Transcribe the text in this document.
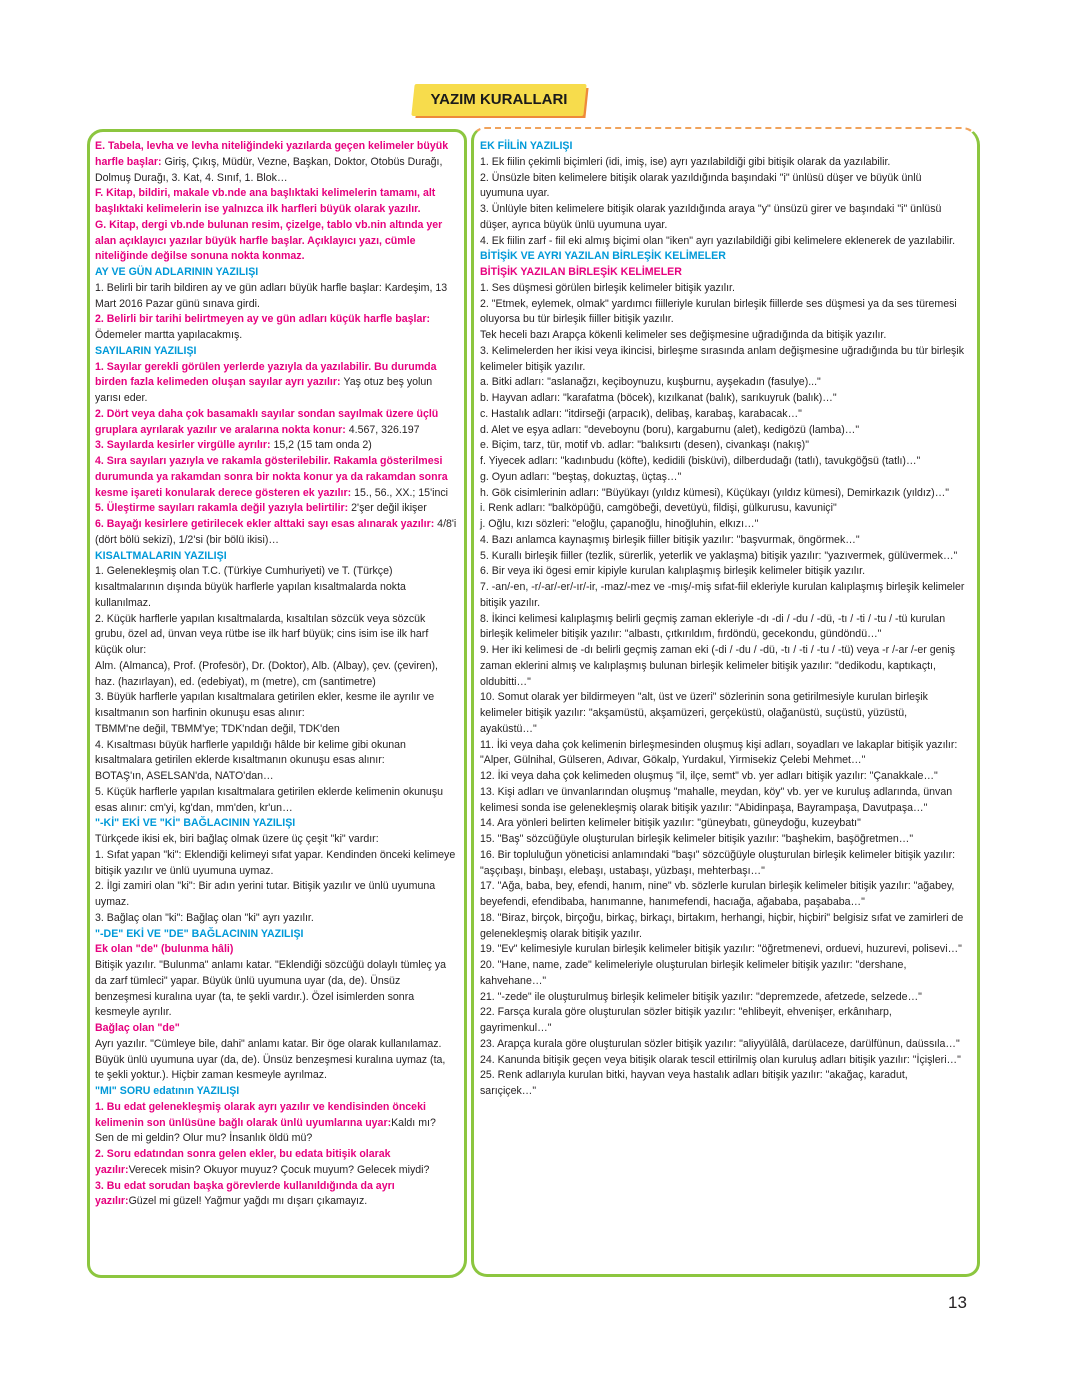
YAZIM KURALLARI

E. Tabela, levha ve levha niteliğindeki yazılarda geçen kelimeler büyük harfle başlar: Giriş, Çıkış, Müdür, Vezne, Başkan, Doktor, Otobüs Durağı, Dolmuş Durağı, 3. Kat, 4. Sınıf, 1. Blok…

F. Kitap, bildiri, makale vb.nde ana başlıktaki kelimelerin tamamı, alt başlıktaki kelimelerin ise yalnızca ilk harfleri büyük olarak yazılır.

G. Kitap, dergi vb.nde bulunan resim, çizelge, tablo vb.nin altında yer alan açıklayıcı yazılar büyük harfle başlar. Açıklayıcı yazı, cümle niteliğinde değilse sonuna nokta konmaz.

AY VE GÜN ADLARININ YAZILIŞI

1. Belirli bir tarih bildiren ay ve gün adları büyük harfle başlar: Kardeşim, 13 Mart 2016 Pazar günü sınava girdi.

2. Belirli bir tarihi belirtmeyen ay ve gün adları küçük harfle başlar: Ödemeler martta yapılacakmış.

SAYILARIN YAZILIŞI

1. Sayılar gerekli görülen yerlerde yazıyla da yazılabilir. Bu durumda birden fazla kelimeden oluşan sayılar ayrı yazılır: Yaş otuz beş yolun yarısı eder.

2. Dört veya daha çok basamaklı sayılar sondan sayılmak üzere üçlü gruplara ayrılarak yazılır ve aralarına nokta konur: 4.567, 326.197

3. Sayılarda kesirler virgülle ayrılır: 15,2 (15 tam onda 2)

4. Sıra sayıları yazıyla ve rakamla gösterilebilir. Rakamla gösterilmesi durumunda ya rakamdan sonra bir nokta konur ya da rakamdan sonra kesme işareti konularak derece gösteren ek yazılır: 15., 56., XX.; 15'inci

5. Üleştirme sayıları rakamla değil yazıyla belirtilir: 2'şer değil ikişer

6. Bayağı kesirlere getirilecek ekler alttaki sayı esas alınarak yazılır: 4/8'i (dört bölü sekizi), 1/2'si (bir bölü ikisi)…

KISALTMALARIN YAZILIŞI

1. Gelenekleşmiş olan T.C. (Türkiye Cumhuriyeti) ve T. (Türkçe) kısaltmalarının dışında büyük harflerle yapılan kısaltmalarda nokta kullanılmaz.

2. Küçük harflerle yapılan kısaltmalarda, kısaltılan sözcük veya sözcük grubu, özel ad, ünvan veya rütbe ise ilk harf büyük; cins isim ise ilk harf küçük olur:

Alm. (Almanca), Prof. (Profesör), Dr. (Doktor), Alb. (Albay), çev. (çeviren), haz. (hazırlayan), ed. (edebiyat), m (metre), cm (santimetre)

3. Büyük harflerle yapılan kısaltmalara getirilen ekler, kesme ile ayrılır ve kısaltmanın son harfinin okunuşu esas alınır:

TBMM'ne değil, TBMM'ye; TDK'ndan değil, TDK'den

4. Kısaltması büyük harflerle yapıldığı hâlde bir kelime gibi okunan kısaltmalara getirilen eklerde kısaltmanın okunuşu esas alınır:

BOTAŞ'ın, ASELSAN'da, NATO'dan…

5. Küçük harflerle yapılan kısaltmalara getirilen eklerde kelimenin okunuşu esas alınır: cm'yi, kg'dan, mm'den, kr'un…

"-Kİ" EKİ VE "Kİ" BAĞLACININ YAZILIŞI

Türkçede ikisi ek, biri bağlaç olmak üzere üç çeşit "ki" vardır:

1. Sıfat yapan "ki": Eklendiği kelimeyi sıfat yapar. Kendinden önceki kelimeye bitişik yazılır ve ünlü uyumuna uymaz.

2. İlgi zamiri olan "ki": Bir adın yerini tutar. Bitişik yazılır ve ünlü uyumuna uymaz.

3. Bağlaç olan "ki": Bağlaç olan "ki" ayrı yazılır.

"-DE" EKİ VE "DE" BAĞLACININ YAZILIŞI

Ek olan "de" (bulunma hâli)

Bitişik yazılır. "Bulunma" anlamı katar. "Eklendiği sözcüğü dolaylı tümleç ya da zarf tümleci" yapar. Büyük ünlü uyumuna uyar (da, de). Ünsüz benzeşmesi kuralına uyar (ta, te şekli vardır.). Özel isimlerden sonra kesmeyle ayrılır.

Bağlaç olan "de"

Ayrı yazılır. "Cümleye bile, dahi" anlamı katar. Bir öge olarak kullanılamaz. Büyük ünlü uyumuna uyar (da, de). Ünsüz benzeşmesi kuralına uymaz (ta, te şekli yoktur.). Hiçbir zaman kesmeyle ayrılmaz.

"MI" SORU edatının YAZILIŞI

1. Bu edat gelenekleşmiş olarak ayrı yazılır ve kendisinden önceki kelimenin son ünlüsüne bağlı olarak ünlü uyumlarına uyar:Kaldı mı? Sen de mi geldin? Olur mu? İnsanlık öldü mü?

2. Soru edatından sonra gelen ekler, bu edata bitişik olarak yazılır:Verecek misin? Okuyor muyuz? Çocuk muyum? Gelecek miydi?

3. Bu edat sorudan başka görevlerde kullanıldığında da ayrı yazılır:Güzel mi güzel! Yağmur yağdı mı dışarı çıkamayız.

EK FİİLİN YAZILIŞI

1. Ek fiilin çekimli biçimleri (idi, imiş, ise) ayrı yazılabildiği gibi bitişik olarak da yazılabilir.

2. Ünsüzle biten kelimelere bitişik olarak yazıldığında başındaki "i" ünlüsü düşer ve büyük ünlü uyumuna uyar.

3. Ünlüyle biten kelimelere bitişik olarak yazıldığında araya "y" ünsüzü girer ve başındaki "i" ünlüsü düşer, ayrıca büyük ünlü uyumuna uyar.

4. Ek fiilin zarf - fiil eki almış biçimi olan "iken" ayrı yazılabildiği gibi kelimelere eklenerek de yazılabilir.

BİTİŞİK VE AYRI YAZILAN BİRLEŞİK KELİMELER

BİTİŞİK YAZILAN BİRLEŞİK KELİMELER

1. Ses düşmesi görülen birleşik kelimeler bitişik yazılır.

2. "Etmek, eylemek, olmak" yardımcı fiilleriyle kurulan birleşik fiillerde ses düşmesi ya da ses türemesi oluyorsa bu tür birleşik fiiller bitişik yazılır.

Tek heceli bazı Arapça kökenli kelimeler ses değişmesine uğradığında da bitişik yazılır.

3. Kelimelerden her ikisi veya ikincisi, birleşme sırasında anlam değişmesine uğradığında bu tür birleşik kelimeler bitişik yazılır.

a. Bitki adları: "aslanağzı, keçiboynuzu, kuşburnu, ayşekadın (fasulye)..."

b. Hayvan adları: "karafatma (böcek), kızılkanat (balık), sarıkuyruk (balık)…"

c. Hastalık adları: "itdirseği (arpacık), delibaş, karabaş, karabacak…"

d. Alet ve eşya adları: "deveboynu (boru), kargaburnu (alet), kedigözü (lamba)…"

e. Biçim, tarz, tür, motif vb. adlar: "balıksırtı (desen), civankaşı (nakış)"

f. Yiyecek adları: "kadınbudu (köfte), kedidili (bisküvi), dilberdudağı (tatlı), tavukgöğsü (tatlı)…"

g. Oyun adları: "beştaş, dokuztaş, üçtaş…"

h. Gök cisimlerinin adları: "Büyükayı (yıldız kümesi), Küçükayı (yıldız kümesi), Demirkazık (yıldız)…"

i. Renk adları: "balköpüğü, camgöbeği, devetüyü, fildişi, gülkurusu, kavuniçi"

j. Oğlu, kızı sözleri: "eloğlu, çapanoğlu, hinoğluhin, elkızı…"

4. Bazı anlamca kaynaşmış birleşik fiiller bitişik yazılır: "başvurmak, öngörmek…"

5. Kurallı birleşik fiiller (tezlik, sürerlik, yeterlik ve yaklaşma) bitişik yazılır: "yazıvermek, gülüvermek…"

6. Bir veya iki ögesi emir kipiyle kurulan kalıplaşmış birleşik kelimeler bitişik yazılır.

7. -an/-en, -r/-ar/-er/-ır/-ir, -maz/-mez ve -mış/-miş sıfat-fiil ekleriyle kurulan kalıplaşmış birleşik kelimeler bitişik yazılır.

8. İkinci kelimesi kalıplaşmış belirli geçmiş zaman ekleriyle -dı -di / -du / -dü, -tı / -ti / -tu / -tü kurulan birleşik kelimeler bitişik yazılır: "albastı, çıtkırıldım, fırdöndü, gecekondu, gündöndü…"

9. Her iki kelimesi de -dı belirli geçmiş zaman eki (-di / -du / -dü, -tı / -ti / -tu / -tü) veya -r /-ar /-er geniş zaman eklerini almış ve kalıplaşmış bulunan birleşik kelimeler bitişik yazılır: "dedikodu, kaptıkaçtı, oldubitti…"

10. Somut olarak yer bildirmeyen "alt, üst ve üzeri" sözlerinin sona getirilmesiyle kurulan birleşik kelimeler bitişik yazılır: "akşamüstü, akşamüzeri, gerçeküstü, olağanüstü, suçüstü, yüzüstü, ayaküstü…"

11. İki veya daha çok kelimenin birleşmesinden oluşmuş kişi adları, soyadları ve lakaplar bitişik yazılır: "Alper, Gülnihal, Gülseren, Adıvar, Gökalp, Yurdakul, Yirmisekiz Çelebi Mehmet…"

12. İki veya daha çok kelimeden oluşmuş "il, ilçe, semt" vb. yer adları bitişik yazılır: "Çanakkale…"

13. Kişi adları ve ünvanlarından oluşmuş "mahalle, meydan, köy" vb. yer ve kuruluş adlarında, ünvan kelimesi sonda ise gelenekleşmiş olarak bitişik yazılır: "Abidinpaşa, Bayrampaşa, Davutpaşa…"

14. Ara yönleri belirten kelimeler bitişik yazılır: "güneybatı, güneydoğu, kuzeybatı"

15. "Baş" sözcüğüyle oluşturulan birleşik kelimeler bitişik yazılır: "başhekim, başöğretmen…"

16. Bir topluluğun yöneticisi anlamındaki "başı" sözcüğüyle oluşturulan birleşik kelimeler bitişik yazılır: "aşçıbaşı, binbaşı, elebaşı, ustabaşı, yüzbaşı, mehterbaşı…"

17. "Ağa, baba, bey, efendi, hanım, nine" vb. sözlerle kurulan birleşik kelimeler bitişik yazılır: "ağabey, beyefendi, efendibaba, hanımanne, hanımefendi, hacıağa, ağababa, paşababa…"

18. "Biraz, birçok, birçoğu, birkaç, birkaçı, birtakım, herhangi, hiçbir, hiçbiri" belgisiz sıfat ve zamirleri de gelenekleşmiş olarak bitişik yazılır.

19. "Ev" kelimesiyle kurulan birleşik kelimeler bitişik yazılır: "öğretmenevi, orduevi, huzurevi, polisevi…"

20. "Hane, name, zade" kelimeleriyle oluşturulan birleşik kelimeler bitişik yazılır: "dershane, kahvehane…"

21. "-zede" ile oluşturulmuş birleşik kelimeler bitişik yazılır: "depremzede, afetzede, selzede…"

22. Farsça kurala göre oluşturulan sözler bitişik yazılır: "ehlibeyit, ehvenişer, erkânıharp, gayrimenkul…"

23. Arapça kurala göre oluşturulan sözler bitişik yazılır: "aliyyülâlâ, darülaceze, darülfünun, daüssıla…"

24. Kanunda bitişik geçen veya bitişik olarak tescil ettirilmiş olan kuruluş adları bitişik yazılır: "İçişleri…"

25. Renk adlarıyla kurulan bitki, hayvan veya hastalık adları bitişik yazılır: "akağaç, karadut, sarıçiçek…"

13
